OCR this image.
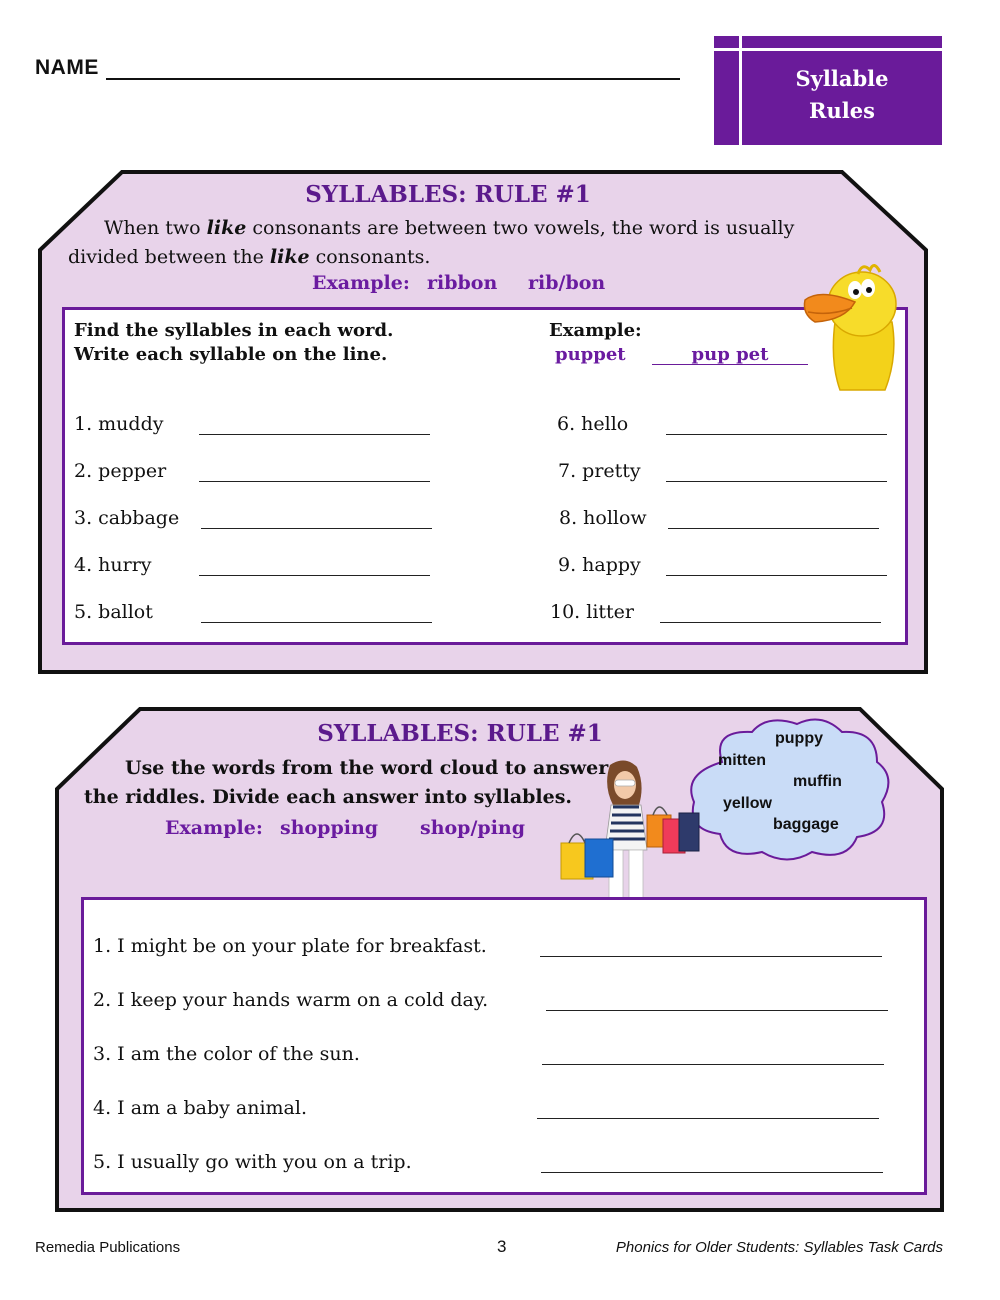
NAME	Syllable
Rules
SYLLABLES: RULE #1
When two like consonants are between two vowels, the word is usually
divided between the like consonants.
Example: ribbon rib/bon
Find the syllables in each word.
Write each syllable on the line.
Example:
puppet	pup pet
1. muddy
2. pepper
3. cabbage
4. hurry
5. ballot
6. hello
7. pretty
8. hollow
9. happy
10. litter
SYLLABLES: RULE #1
Use the words from the word cloud to answer
the riddles. Divide each answer into syllables.
Example: shopping shop/ping
puppy
mitten
muffin
yellow
baggage
1. I might be on your plate for breakfast.
2. I keep your hands warm on a cold day.
3. I am the color of the sun.
4. I am a baby animal.
5. I usually go with you on a trip.
Remedia Publications	3	Phonics for Older Students: Syllables Task Cards
